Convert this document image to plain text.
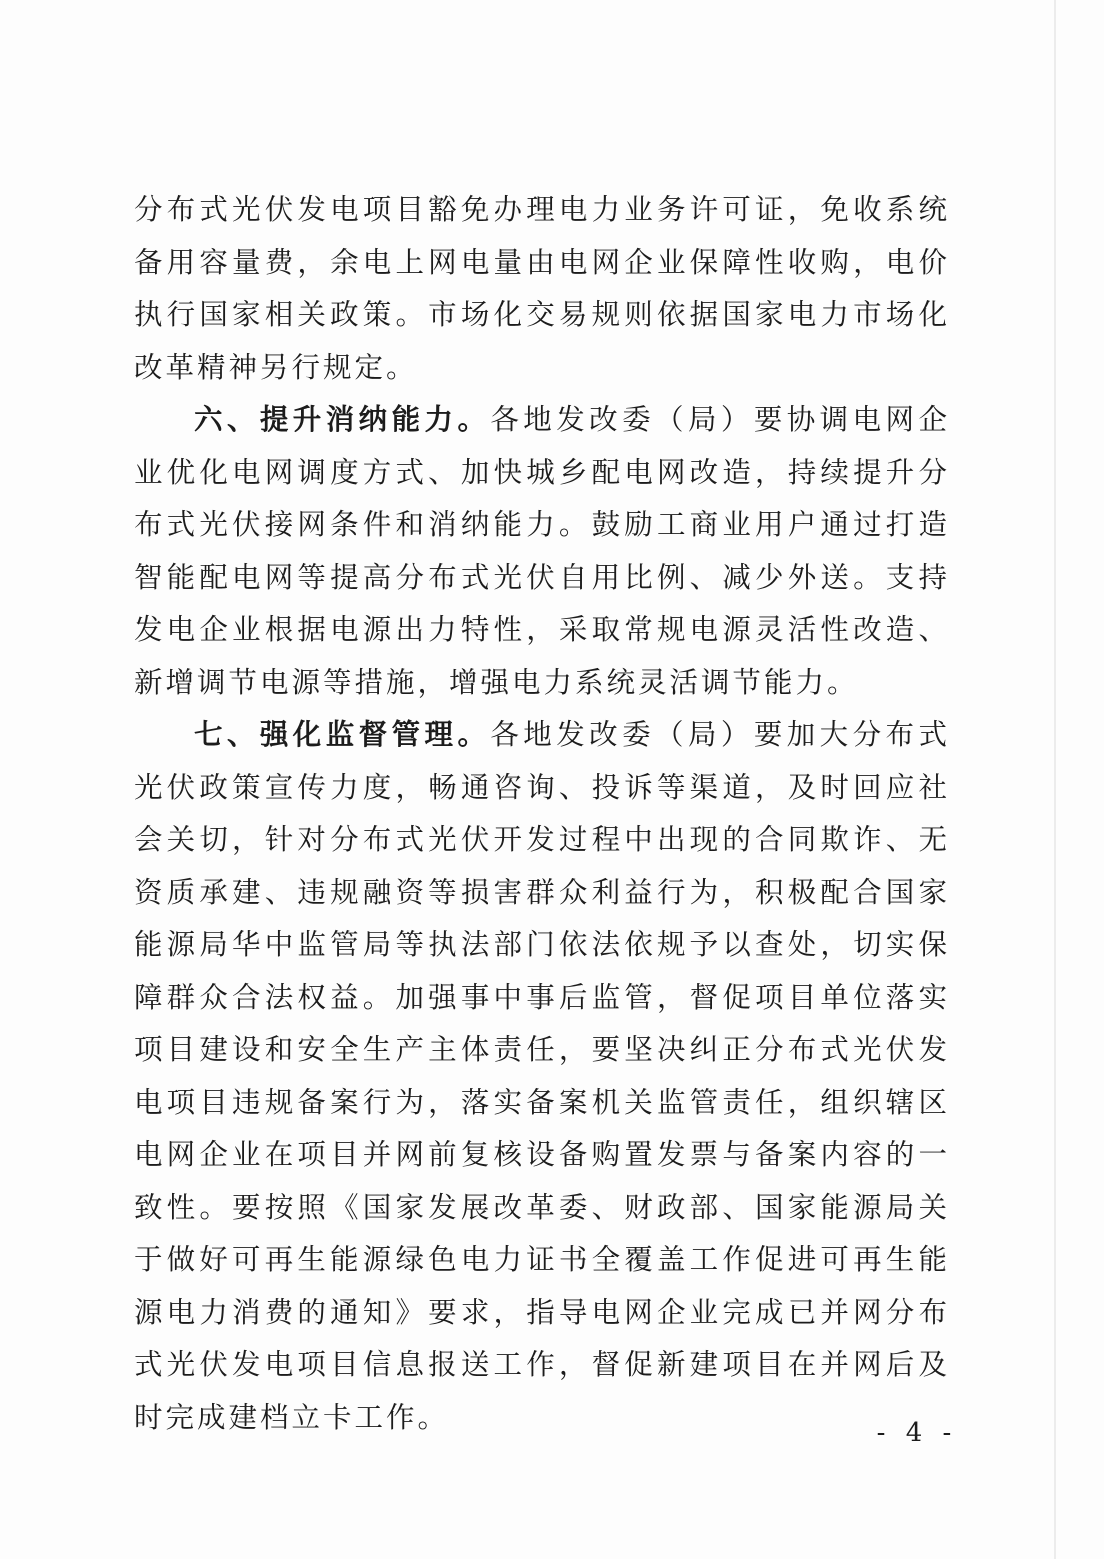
分布式光伏发电项目豁免办理电力业务许可证，免收系统备用容量费，余电上网电量由电网企业保障性收购，电价执行国家相关政策。市场化交易规则依据国家电力市场化改革精神另行规定。

六、提升消纳能力。各地发改委（局）要协调电网企业优化电网调度方式、加快城乡配电网改造，持续提升分布式光伏接网条件和消纳能力。鼓励工商业用户通过打造智能配电网等提高分布式光伏自用比例、减少外送。支持发电企业根据电源出力特性，采取常规电源灵活性改造、新增调节电源等措施，增强电力系统灵活调节能力。

七、强化监督管理。各地发改委（局）要加大分布式光伏政策宣传力度，畅通咨询、投诉等渠道，及时回应社会关切，针对分布式光伏开发过程中出现的合同欺诈、无资质承建、违规融资等损害群众利益行为，积极配合国家能源局华中监管局等执法部门依法依规予以查处，切实保障群众合法权益。加强事中事后监管，督促项目单位落实项目建设和安全生产主体责任，要坚决纠正分布式光伏发电项目违规备案行为，落实备案机关监管责任，组织辖区电网企业在项目并网前复核设备购置发票与备案内容的一致性。要按照《国家发展改革委、财政部、国家能源局关于做好可再生能源绿色电力证书全覆盖工作促进可再生能源电力消费的通知》要求，指导电网企业完成已并网分布式光伏发电项目信息报送工作，督促新建项目在并网后及时完成建档立卡工作。	- 4 -
